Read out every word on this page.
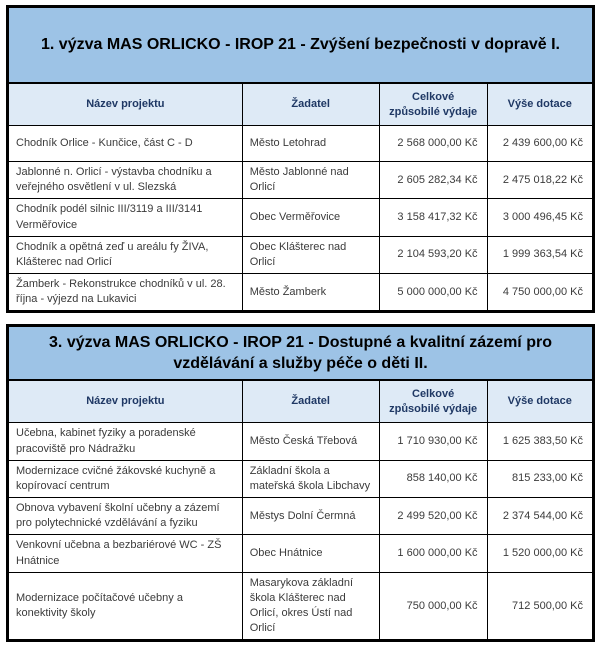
1. výzva MAS ORLICKO - IROP 21 - Zvýšení bezpečnosti v dopravě I.
Název projektu	Žadatel	Celkové způsobilé výdaje	Výše dotace
Chodník Orlice - Kunčice, část C - D	Město Letohrad	2 568 000,00 Kč	2 439 600,00 Kč
Jablonné n. Orlicí - výstavba chodníku a veřejného osvětlení v ul. Slezská	Město Jablonné nad Orlicí	2 605 282,34 Kč	2 475 018,22 Kč
Chodník podél silnic III/3119 a III/3141 Verměřovice	Obec Verměřovice	3 158 417,32 Kč	3 000 496,45 Kč
Chodník a opětná zeď u areálu fy ŽIVA, Klášterec nad Orlicí	Obec Klášterec nad Orlicí	2 104 593,20 Kč	1 999 363,54 Kč
Žamberk - Rekonstrukce chodníků v ul. 28. října - výjezd na Lukavici	Město Žamberk	5 000 000,00 Kč	4 750 000,00 Kč
3. výzva MAS ORLICKO - IROP 21 - Dostupné a kvalitní zázemí pro vzdělávání a služby péče o děti II.
Název projektu	Žadatel	Celkové způsobilé výdaje	Výše dotace
Učebna, kabinet fyziky a poradenské pracoviště pro Nádražku	Město Česká Třebová	1 710 930,00 Kč	1 625 383,50 Kč
Modernizace cvičné žákovské kuchyně a kopírovací centrum	Základní škola a mateřská škola Libchavy	858 140,00 Kč	815 233,00 Kč
Obnova vybavení školní učebny a zázemí pro polytechnické vzdělávání a fyziku	Městys Dolní Čermná	2 499 520,00 Kč	2 374 544,00 Kč
Venkovní učebna a bezbariérové WC - ZŠ Hnátnice	Obec Hnátnice	1 600 000,00 Kč	1 520 000,00 Kč
Modernizace počítačové učebny a konektivity školy	Masarykova základní škola Klášterec nad Orlicí, okres Ústí nad Orlicí	750 000,00 Kč	712 500,00 Kč
